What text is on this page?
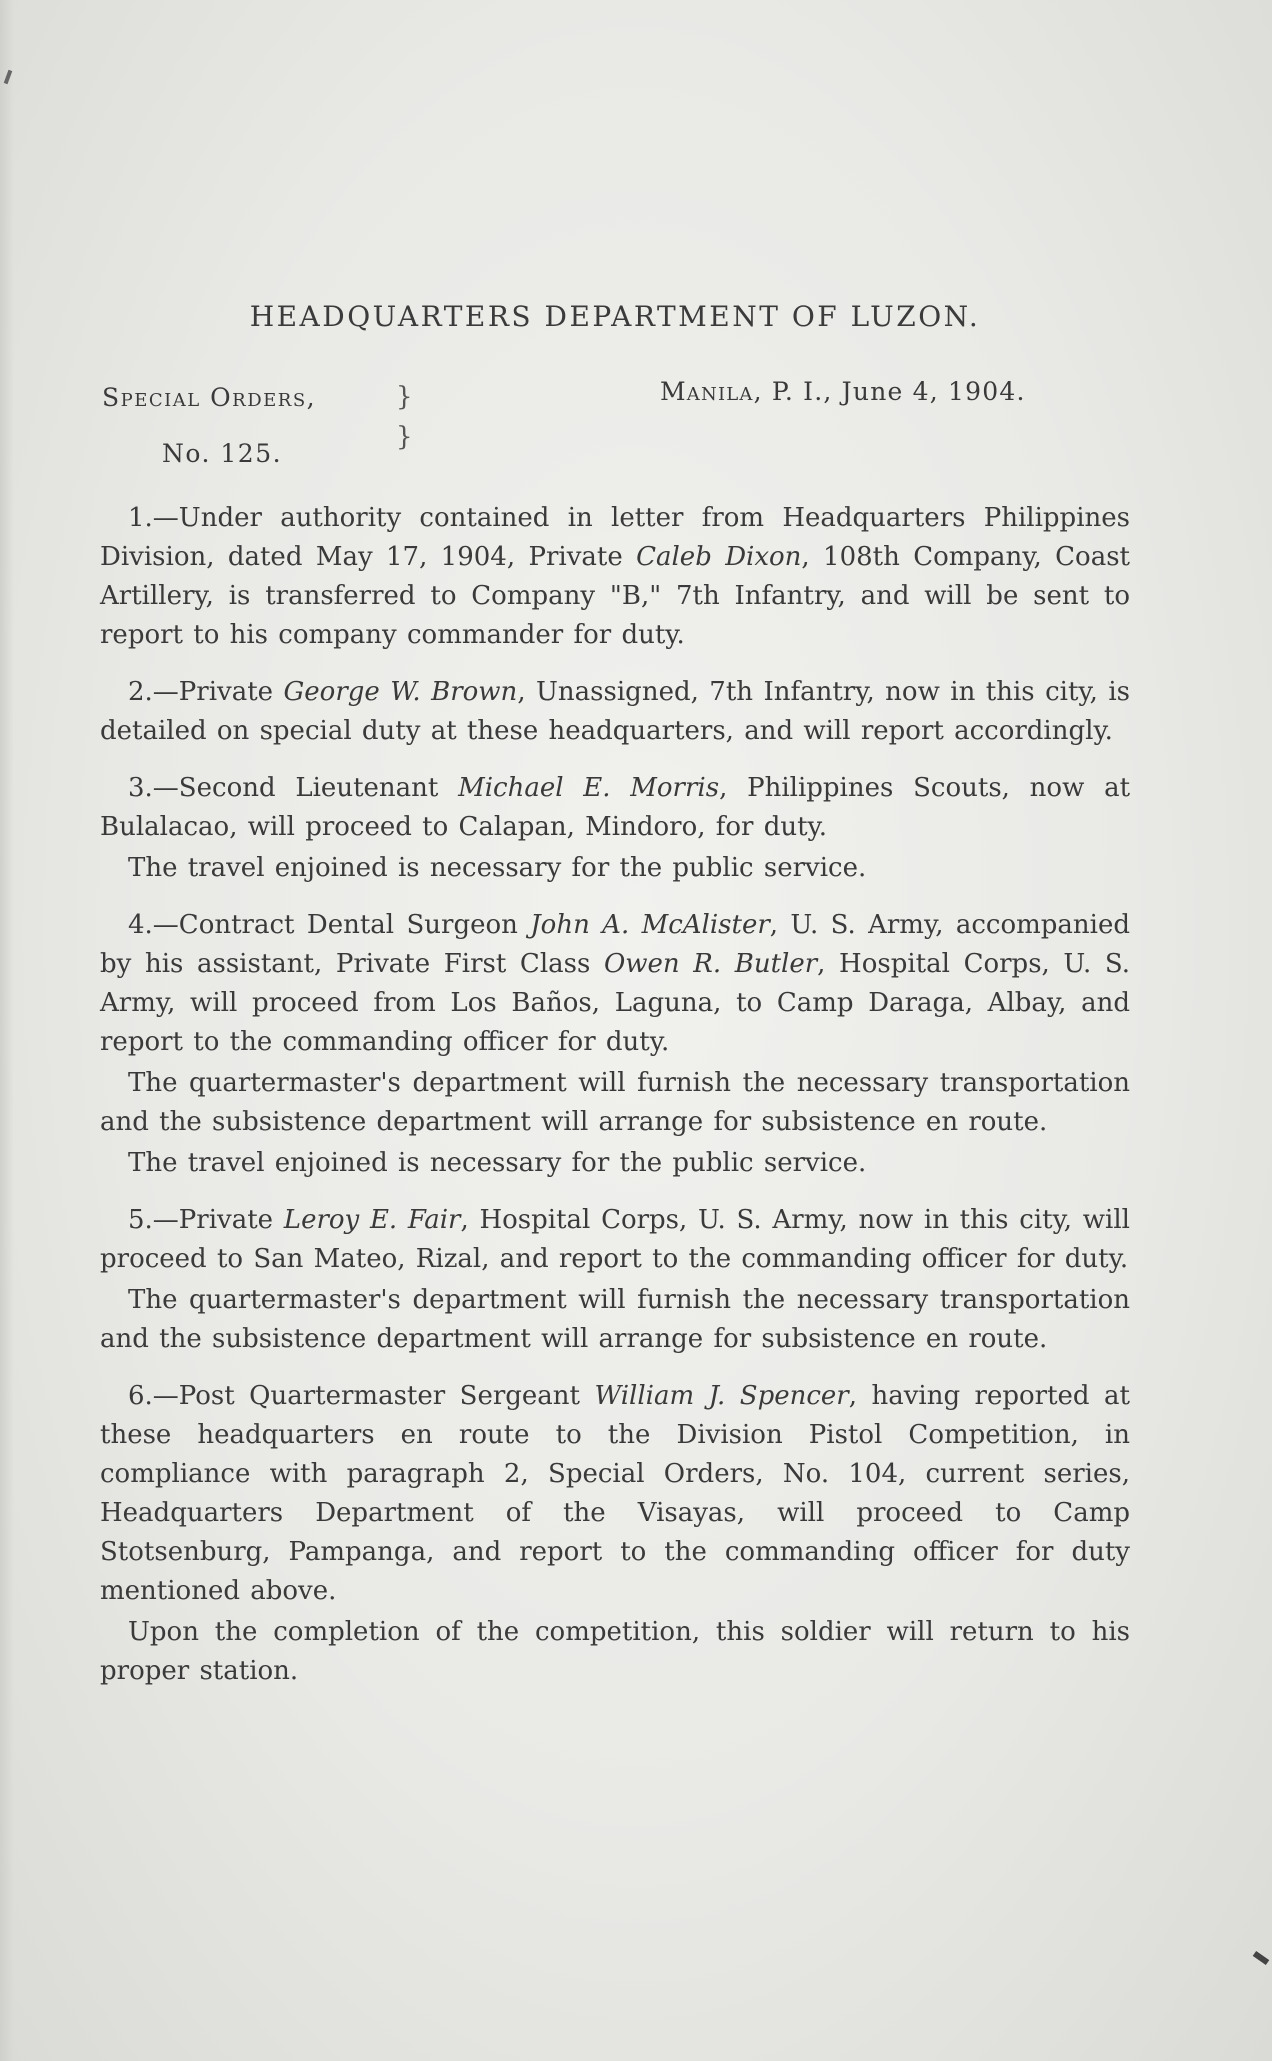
HEADQUARTERS DEPARTMENT OF LUZON.
Special Orders,
No. 125.
}
}
Manila, P. I., June 4, 1904.

1.—Under authority contained in letter from Headquarters Philippines Division, dated May 17, 1904, Private Caleb Dixon, 108th Company, Coast Artillery, is transferred to Company "B," 7th Infantry, and will be sent to report to his company commander for duty.

2.—Private George W. Brown, Unassigned, 7th Infantry, now in this city, is detailed on special duty at these headquarters, and will report accordingly.

3.—Second Lieutenant Michael E. Morris, Philippines Scouts, now at Bulalacao, will proceed to Calapan, Mindoro, for duty.

The travel enjoined is necessary for the public service.

4.—Contract Dental Surgeon John A. McAlister, U. S. Army, accompanied by his assistant, Private First Class Owen R. Butler, Hospital Corps, U. S. Army, will proceed from Los Baños, Laguna, to Camp Daraga, Albay, and report to the commanding officer for duty.

The quartermaster's department will furnish the necessary transportation and the subsistence department will arrange for subsistence en route.

The travel enjoined is necessary for the public service.

5.—Private Leroy E. Fair, Hospital Corps, U. S. Army, now in this city, will proceed to San Mateo, Rizal, and report to the commanding officer for duty.

The quartermaster's department will furnish the necessary transportation and the subsistence department will arrange for subsistence en route.

6.—Post Quartermaster Sergeant William J. Spencer, having reported at these headquarters en route to the Division Pistol Competition, in compliance with paragraph 2, Special Orders, No. 104, current series, Headquarters Department of the Visayas, will proceed to Camp Stotsenburg, Pampanga, and report to the commanding officer for duty mentioned above.

Upon the completion of the competition, this soldier will return to his proper station.
